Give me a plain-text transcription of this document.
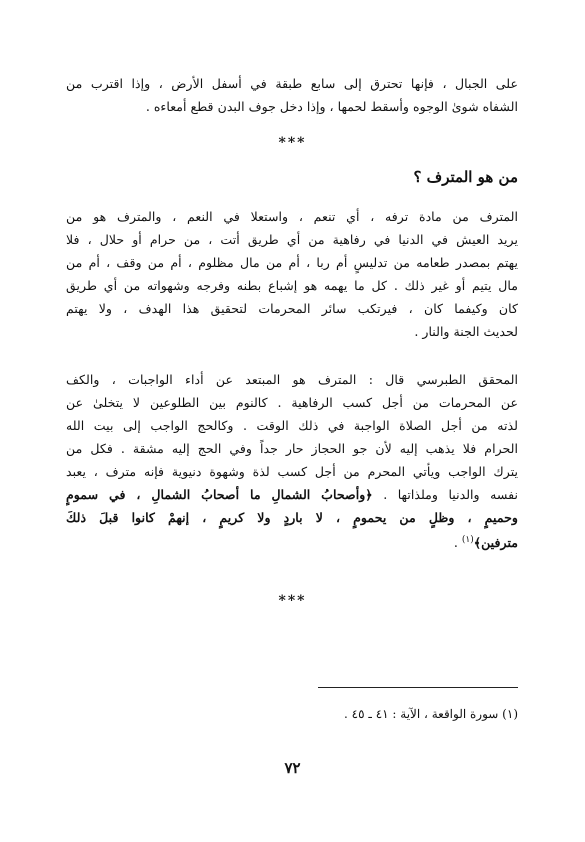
على الجبال ، فإنها تحترق إلى سابع طبقة في أسفل الأرض ، وإذا اقترب من
الشفاه شوىٰ الوجوه وأسقط لحمها ، وإذا دخل جوف البدن قطع أمعاءه .
***
من هو المترف ؟
المترف من مادة ترفه ، أي تنعم ، واستعلا في النعم ، والمترف هو من
يريد العيش في الدنيا في رفاهية من أي طريق أتت ، من حرام أو حلال ، فلا
يهتم بمصدر طعامه من تدليسٍ أم ربا ، أم من مال مظلوم ، أم من وقف ، أم من
مال يتيم أو غير ذلك . كل ما يهمه هو إشباع بطنه وفرجه وشهواته من أي طريق
كان وكيفما كان ، فيرتكب سائر المحرمات لتحقيق هذا الهدف ، ولا يهتم
لحديث الجنة والنار .
المحقق الطبرسي قال : المترف هو المبتعد عن أداء الواجبات ، والكف
عن المحرمات من أجل كسب الرفاهية . كالنوم بين الطلوعين لا يتخلىٰ عن
لذته من أجل الصلاة الواجبة في ذلك الوقت . وكالحج الواجب إلى بيت الله
الحرام فلا يذهب إليه لأن جو الحجاز حار جداً وفي الحج إليه مشقة . فكل من
يترك الواجب ويأتي المحرم من أجل كسب لذة وشهوة دنيوية فإنه مترف ، يعبد
نفسه والدنيا وملذاتها . ﴿وأصحابُ الشمالِ ما أصحابُ الشمالِ ، في سمومٍ
وحميمٍ ، وظلٍ من يحمومٍ ، لا باردٍ ولا كريمٍ ، إنهمْ كانوا قبلَ ذلكَ
مترفين﴾$^{(١)}$ .
***

(١) سورة الواقعة ، الآية : ٤١ ـ ٤٥ .

٧٢
